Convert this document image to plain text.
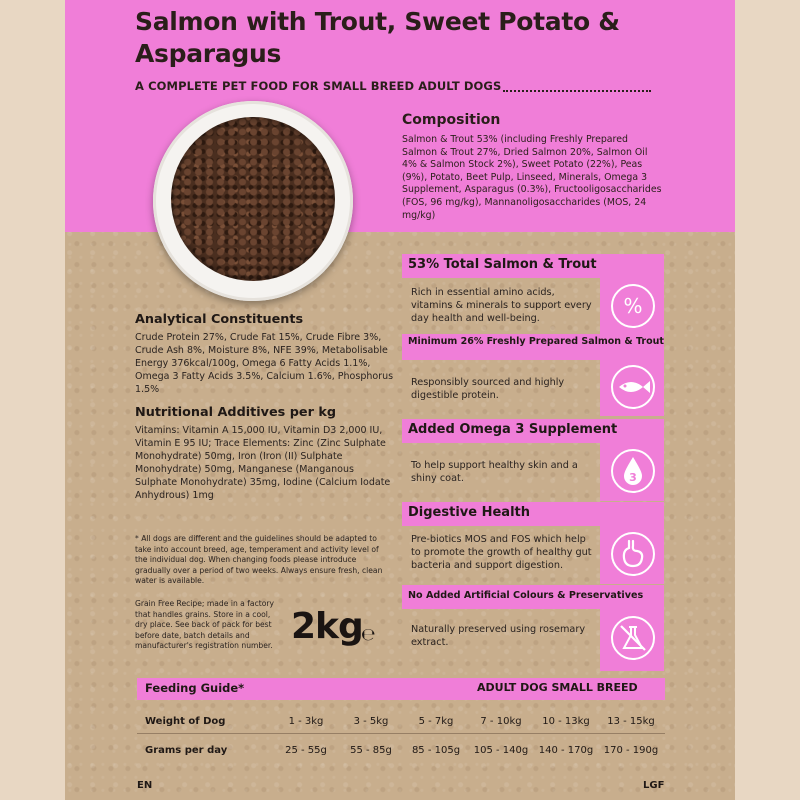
Salmon with Trout, Sweet Potato & Asparagus
A COMPLETE PET FOOD FOR SMALL BREED ADULT DOGS
Composition
Salmon & Trout 53% (including Freshly Prepared Salmon & Trout 27%, Dried Salmon 20%, Salmon Oil 4% & Salmon Stock 2%), Sweet Potato (22%), Peas (9%), Potato, Beet Pulp, Linseed, Minerals, Omega 3 Supplement, Asparagus (0.3%), Fructooligosaccharides (FOS, 96 mg/kg), Mannanoligosaccharides (MOS, 24 mg/kg)
Analytical Constituents
Crude Protein 27%, Crude Fat 15%, Crude Fibre 3%, Crude Ash 8%, Moisture 8%, NFE 39%, Metabolisable Energy 376kcal/100g, Omega 6 Fatty Acids 1.1%, Omega 3 Fatty Acids 3.5%, Calcium 1.6%, Phosphorus 1.5%
Nutritional Additives per kg
Vitamins: Vitamin A 15,000 IU, Vitamin D3 2,000 IU, Vitamin E 95 IU; Trace Elements: Zinc (Zinc Sulphate Monohydrate) 50mg, Iron (Iron (II) Sulphate Monohydrate) 50mg, Manganese (Manganous Sulphate Monohydrate) 35mg, Iodine (Calcium Iodate Anhydrous) 1mg
* All dogs are different and the guidelines should be adapted to take into account breed, age, temperament and activity level of the individual dog. When changing foods please introduce gradually over a period of two weeks. Always ensure fresh, clean water is available.
Grain Free Recipe; made in a factory that handles grains. Store in a cool, dry place. See back of pack for best before date, batch details and manufacturer's registration number. 2kg
℮
53% Total Salmon & Trout
%
Rich in essential amino acids, vitamins & minerals to support every day health and well-being.
Minimum 26% Freshly Prepared Salmon & Trout
Responsibly sourced and highly digestible protein.
Added Omega 3 Supplement
3
To help support healthy skin and a shiny coat.
Digestive Health
Pre-biotics MOS and FOS which help to promote the growth of healthy gut bacteria and support digestion.
No Added Artificial Colours & Preservatives
Naturally preserved using rosemary extract.
Feeding Guide*	ADULT DOG SMALL BREED
Weight of Dog	1 - 3kg	3 - 5kg	5 - 7kg	7 - 10kg	10 - 13kg	13 - 15kg
Grams per day	25 - 55g	55 - 85g	85 - 105g	105 - 140g	140 - 170g	170 - 190g
EN	LGF
